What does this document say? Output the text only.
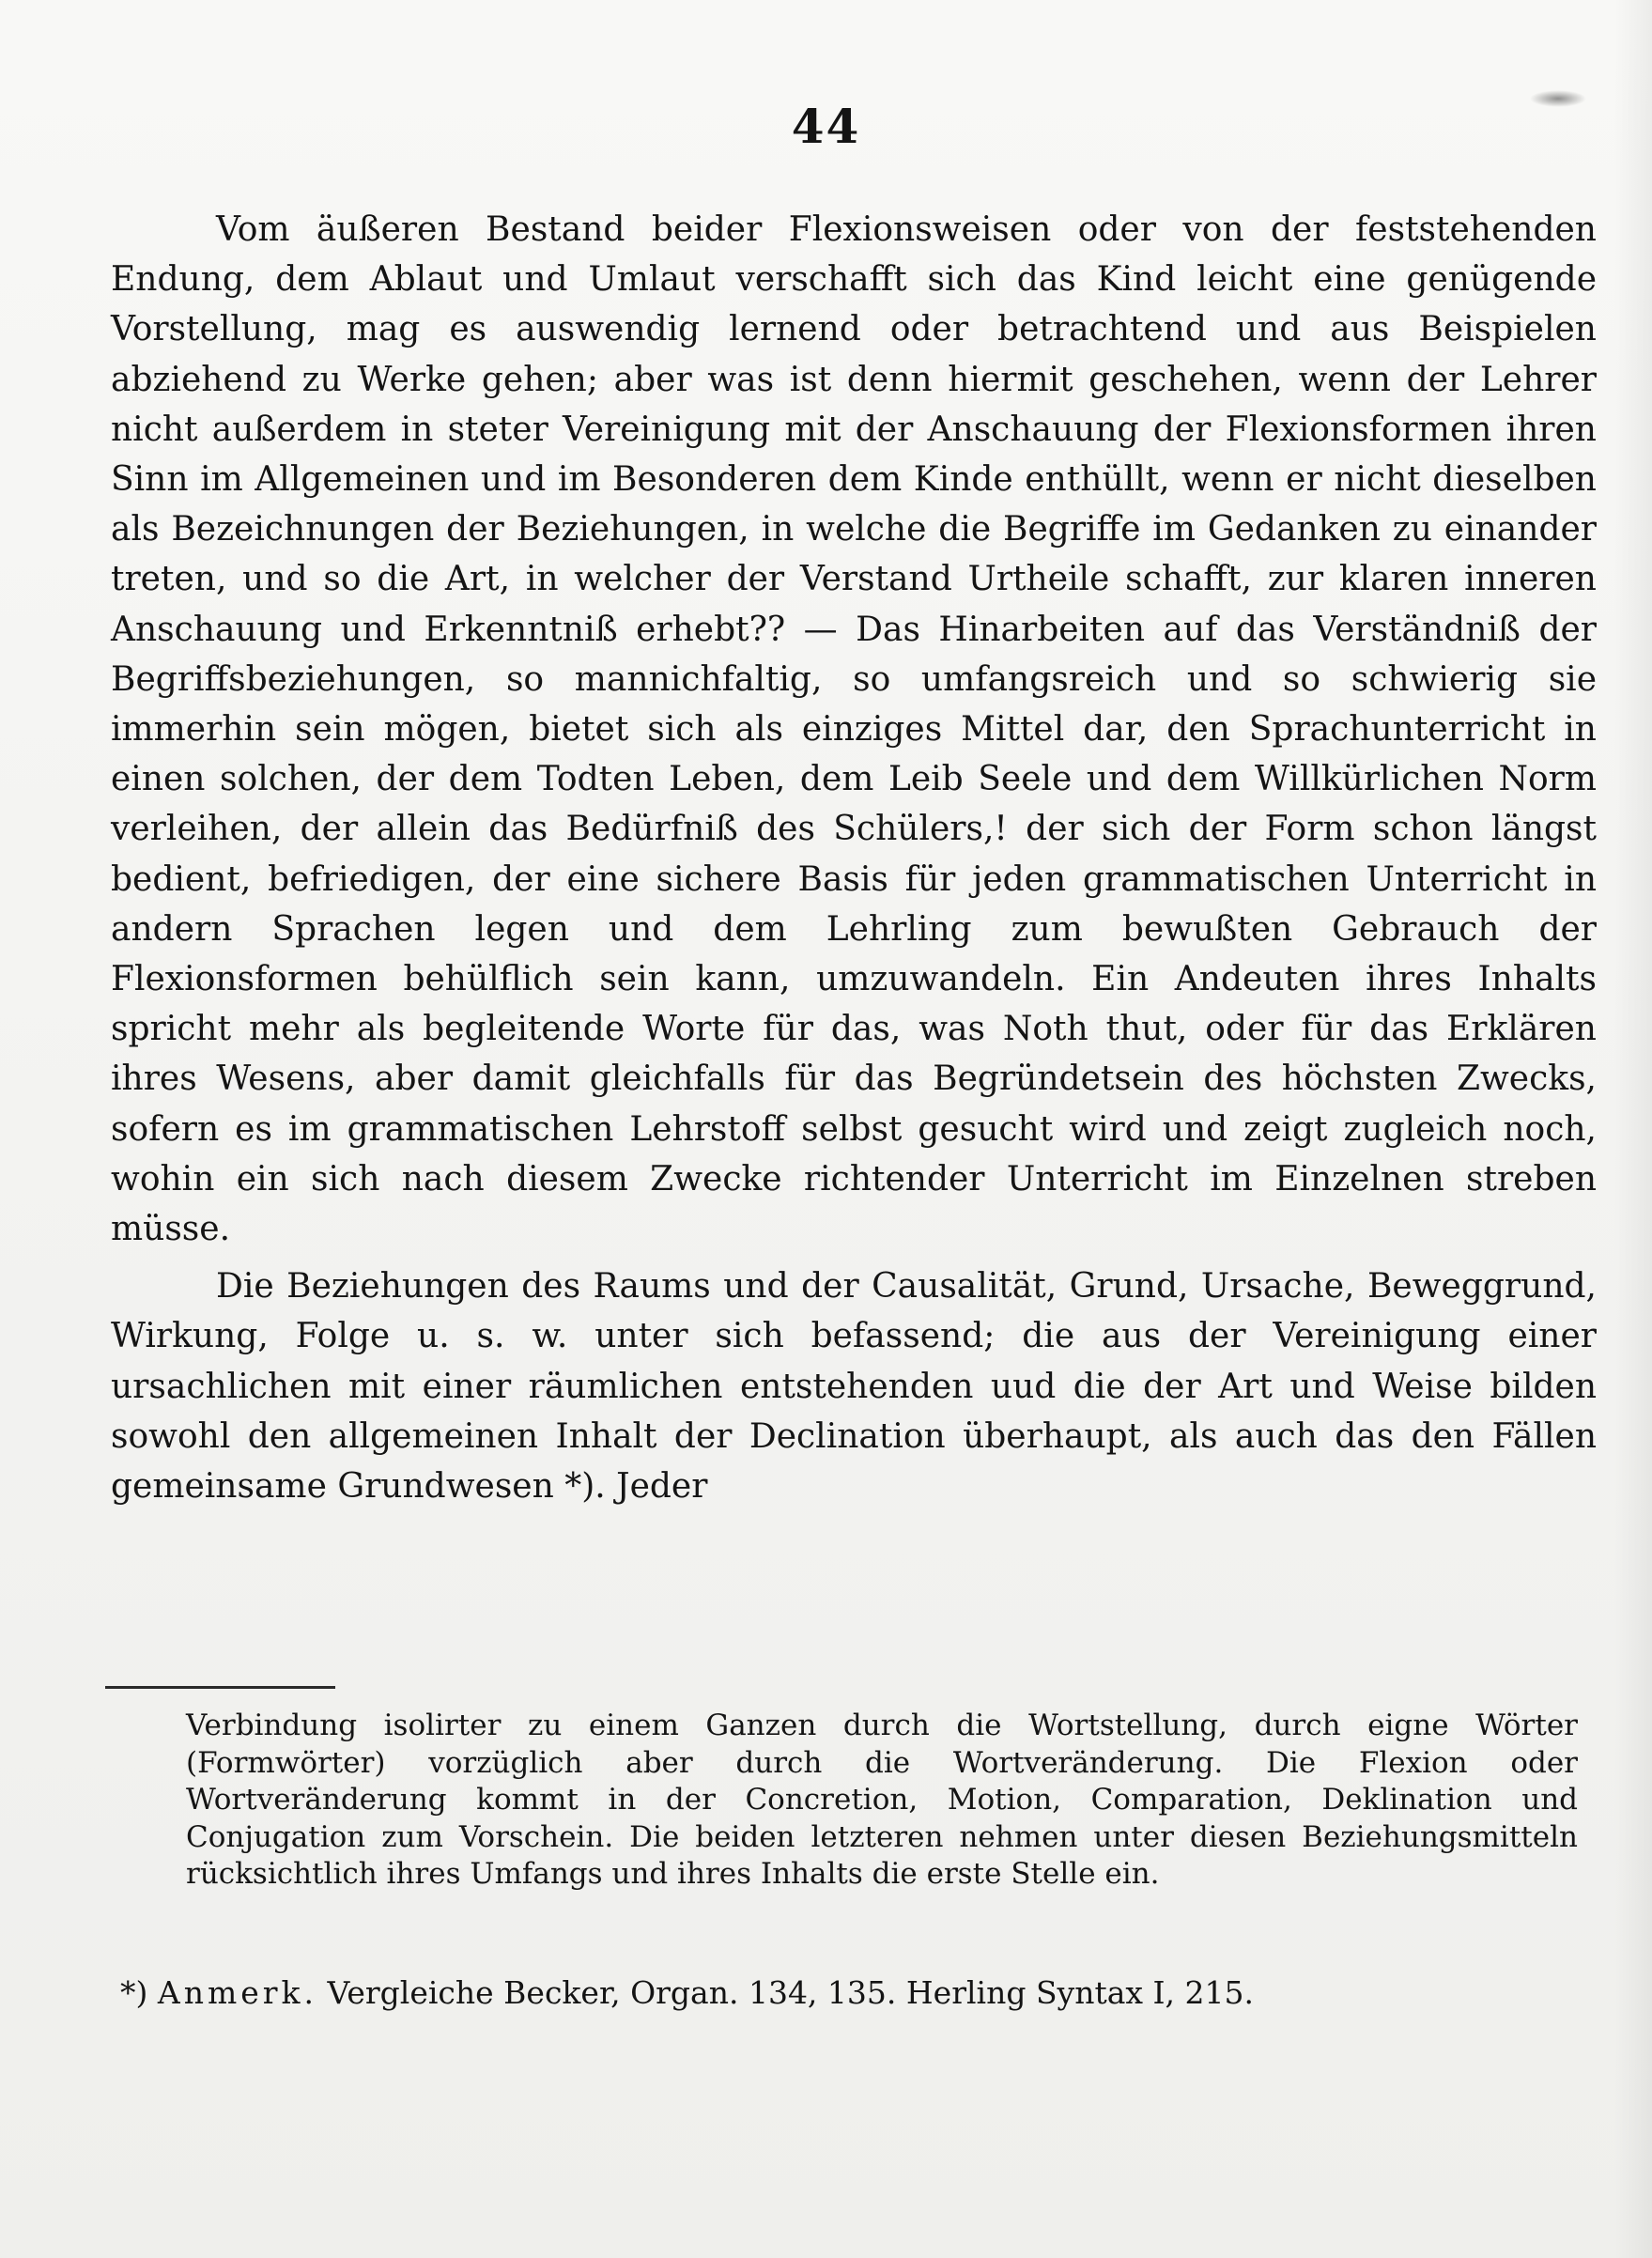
44

Vom äußeren Bestand beider Flexionsweisen oder von der feststehenden Endung, dem Ablaut und Umlaut verschafft sich das Kind leicht eine genügende Vorstellung, mag es auswendig lernend oder betrachtend und aus Beispielen abziehend zu Werke gehen; aber was ist denn hiermit geschehen, wenn der Lehrer nicht außerdem in steter Vereinigung mit der Anschauung der Flexionsformen ihren Sinn im Allgemeinen und im Besonderen dem Kinde enthüllt, wenn er nicht dieselben als Bezeichnungen der Beziehungen, in welche die Begriffe im Gedanken zu einander treten, und so die Art, in welcher der Verstand Urtheile schafft, zur klaren inneren Anschauung und Erkenntniß erhebt?? — Das Hinarbeiten auf das Verständniß der Begriffsbeziehungen, so mannichfaltig, so umfangsreich und so schwierig sie immerhin sein mögen, bietet sich als einziges Mittel dar, den Sprachunterricht in einen solchen, der dem Todten Leben, dem Leib Seele und dem Willkürlichen Norm verleihen, der allein das Bedürfniß des Schülers,! der sich der Form schon längst bedient, befriedigen, der eine sichere Basis für jeden grammatischen Unterricht in andern Sprachen legen und dem Lehrling zum bewußten Gebrauch der Flexionsformen behülflich sein kann, umzuwandeln. Ein Andeuten ihres Inhalts spricht mehr als begleitende Worte für das, was Noth thut, oder für das Erklären ihres Wesens, aber damit gleichfalls für das Begründetsein des höchsten Zwecks, sofern es im grammatischen Lehrstoff selbst gesucht wird und zeigt zugleich noch, wohin ein sich nach diesem Zwecke richtender Unterricht im Einzelnen streben müsse.

Die Beziehungen des Raums und der Causalität, Grund, Ursache, Beweggrund, Wirkung, Folge u. s. w. unter sich befassend; die aus der Vereinigung einer ursachlichen mit einer räumlichen entstehenden uud die der Art und Weise bilden sowohl den allgemeinen Inhalt der Declination überhaupt, als auch das den Fällen gemeinsame Grundwesen *). Jeder

Verbindung isolirter zu einem Ganzen durch die Wortstellung, durch eigne Wörter (Formwörter) vorzüglich aber durch die Wortveränderung. Die Flexion oder Wortveränderung kommt in der Concretion, Motion, Comparation, Deklination und Conjugation zum Vorschein. Die beiden letzteren nehmen unter diesen Beziehungsmitteln rücksichtlich ihres Umfangs und ihres Inhalts die erste Stelle ein.

*) Anmerk. Vergleiche Becker, Organ. 134, 135. Herling Syntax I, 215.
